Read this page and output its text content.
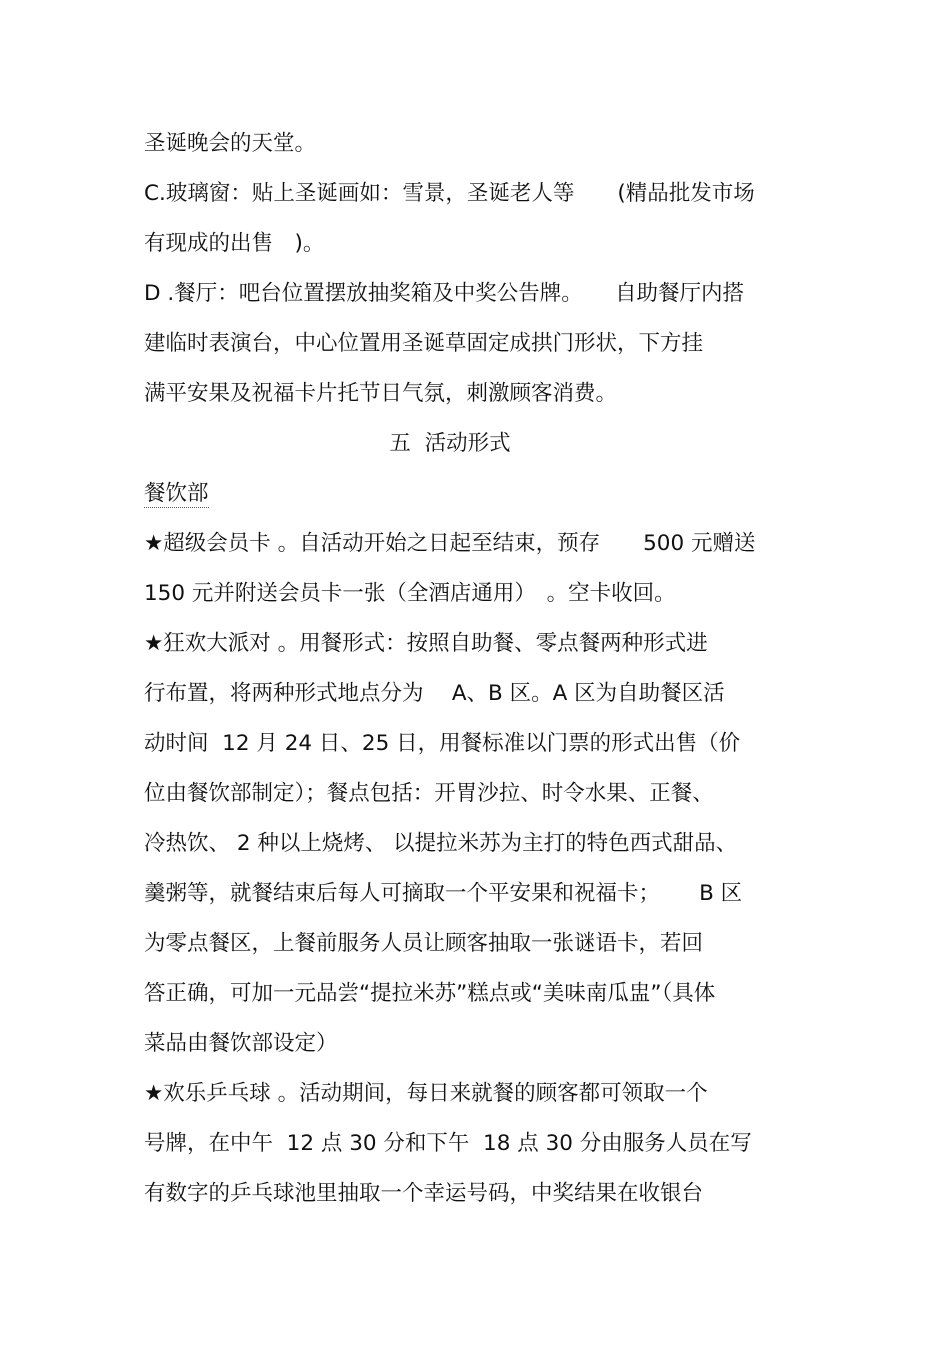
圣诞晚会的天堂。
C.玻璃窗：贴上圣诞画如：雪景，圣诞老人等　　(精品批发市场
有现成的出售　)。
D .餐厅：吧台位置摆放抽奖箱及中奖公告牌。　　自助餐厅内搭
建临时表演台，中心位置用圣诞草固定成拱门形状，下方挂
满平安果及祝福卡片托节日气氛，刺激顾客消费。
五  活动形式
餐饮部
★超级会员卡 。自活动开始之日起至结束，预存　　500 元赠送
150 元并附送会员卡一张（全酒店通用）　。空卡收回。
★狂欢大派对 。用餐形式：按照自助餐、零点餐两种形式进
行布置，将两种形式地点分为　 A、B 区。A 区为自助餐区活
动时间  12 月 24 日、25 日，用餐标准以门票的形式出售（价
位由餐饮部制定）；餐点包括：开胃沙拉、时令水果、正餐、
冷热饮、 2 种以上烧烤、 以提拉米苏为主打的特色西式甜品、
羹粥等，就餐结束后每人可摘取一个平安果和祝福卡；　　 B 区
为零点餐区，上餐前服务人员让顾客抽取一张谜语卡，若回
答正确，可加一元品尝“提拉米苏”糕点或“美味南瓜盅”（具体
菜品由餐饮部设定）
★欢乐乒乓球 。活动期间，每日来就餐的顾客都可领取一个
号牌，在中午  12 点 30 分和下午  18 点 30 分由服务人员在写
有数字的乒乓球池里抽取一个幸运号码，中奖结果在收银台
